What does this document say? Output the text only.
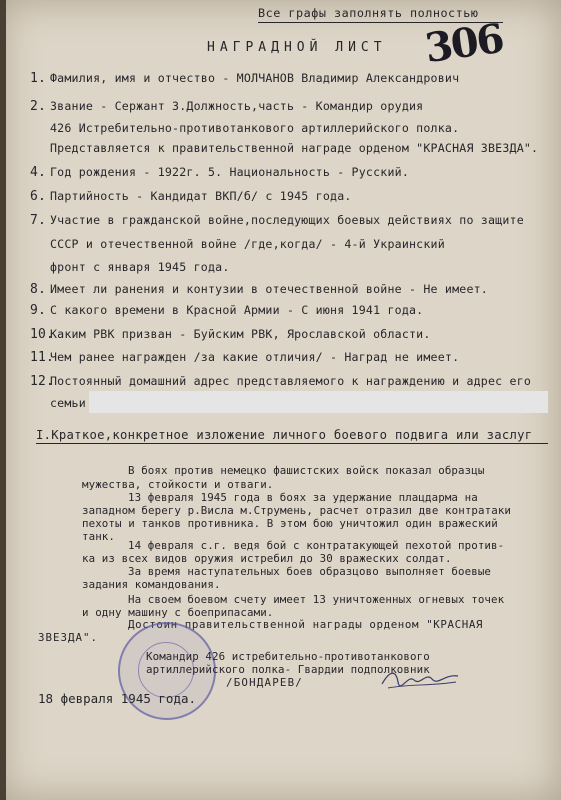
Все графы заполнять полностью
НАГРАДНОЙ ЛИСТ 306
1. Фамилия, имя и отчество - МОЛЧАНОВ Владимир Александрович
2. Звание - Сержант 3.Должность,часть - Командир орудия
426 Истребительно-противотанкового артиллерийского полка.
Представляется к правительственной награде орденом "КРАСНАЯ ЗВЕЗДА".
4. Год рождения - 1922г. 5. Национальность - Русский.
6. Партийность - Кандидат ВКП/б/ с 1945 года.
7. Участие в гражданской войне,последующих боевых действиях по защите
СССР и отечественной войне /где,когда/ - 4-й Украинский
фронт с января 1945 года.
8. Имеет ли ранения и контузии в отечественной войне - Не имеет.
9. С какого времени в Красной Армии - С июня 1941 года.
10.Каким РВК призван - Буйским РВК, Ярославской области.
11.Чем ранее награжден /за какие отличия/ - Наград не имеет.
12.Постоянный домашний адрес представляемого к награждению и адрес его
семьи
I.Краткое,конкретное изложение личного боевого подвига или заслуг
В боях против немецко фашистских войск показал образцы
мужества, стойкости и отваги.
13 февраля 1945 года в боях за удержание плацдарма на
западном берегу р.Висла м.Струмень, расчет отразил две контратаки
пехоты и танков противника. В этом бою уничтожил один вражеский
танк.
14 февраля с.г. ведя бой с контратакующей пехотой против-
ка из всех видов оружия истребил до 30 вражеских солдат.
За время наступательных боев образцово выполняет боевые
задания командования.
На своем боевом счету имеет 13 уничтоженных огневых точек
и одну машину с боеприпасами.
Достоин правительственной награды орденом "КРАСНАЯ
ЗВЕЗДА".
Командир 426 истребительно-противотанкового
артиллерийского полка- Гвардии подполковник
/БОНДАРЕВ/
18 февраля 1945 года.
